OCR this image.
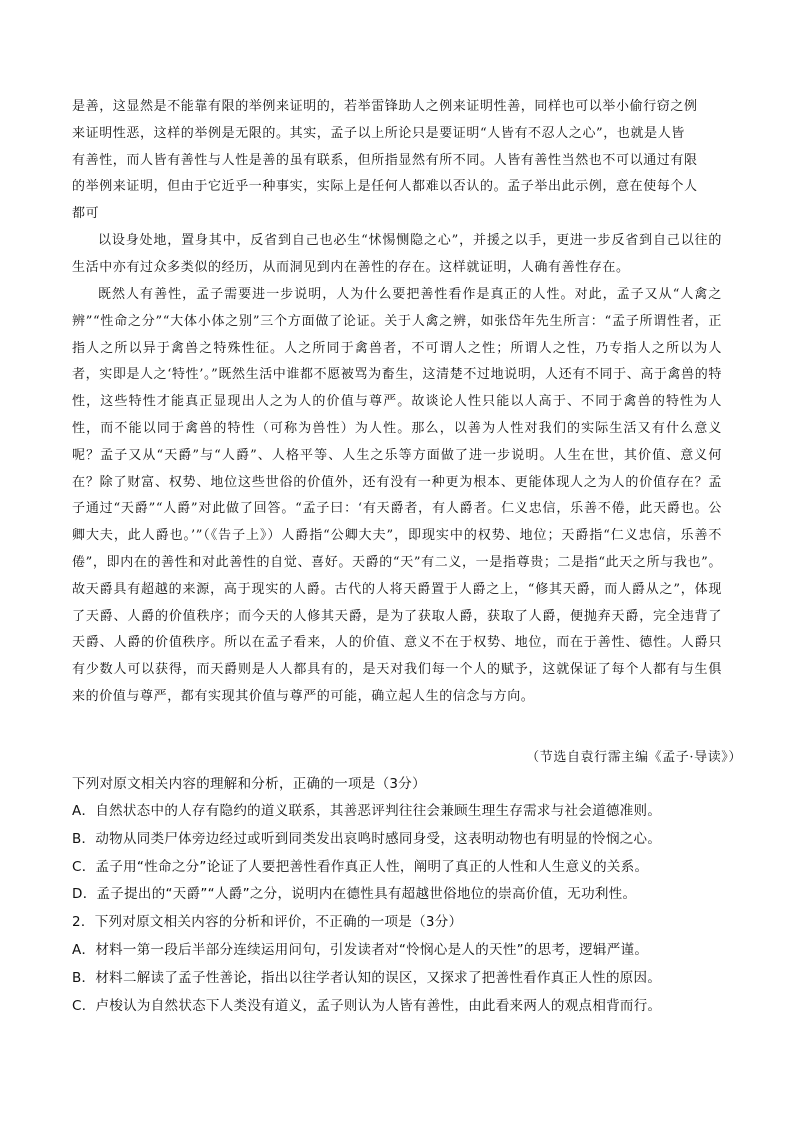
是善，这显然是不能靠有限的举例来证明的，若举雷锋助人之例来证明性善，同样也可以举小偷行窃之例
来证明性恶，这样的举例是无限的。其实，孟子以上所论只是要证明“人皆有不忍人之心”，也就是人皆
有善性，而人皆有善性与人性是善的虽有联系，但所指显然有所不同。人皆有善性当然也不可以通过有限
的举例来证明，但由于它近乎一种事实，实际上是任何人都难以否认的。孟子举出此示例，意在使每个人
都可

以设身处地，置身其中，反省到自己也必生“怵惕恻隐之心”，并援之以手，更进一步反省到自己以往的生活中亦有过众多类似的经历，从而洞见到内在善性的存在。这样就证明，人确有善性存在。

既然人有善性，孟子需要进一步说明，人为什么要把善性看作是真正的人性。对此，孟子又从“人禽之辨”“性命之分”“大体小体之别”三个方面做了论证。关于人禽之辨，如张岱年先生所言：“孟子所谓性者，正指人之所以异于禽兽之特殊性征。人之所同于禽兽者，不可谓人之性；所谓人之性，乃专指人之所以为人者，实即是人之‘特性’。”既然生活中谁都不愿被骂为畜生，这清楚不过地说明，人还有不同于、高于禽兽的特性，这些特性才能真正显现出人之为人的价值与尊严。故谈论人性只能以人高于、不同于禽兽的特性为人性，而不能以同于禽兽的特性（可称为兽性）为人性。那么，以善为人性对我们的实际生活又有什么意义呢？孟子又从“天爵”与“人爵”、人格平等、人生之乐等方面做了进一步说明。人生在世，其价值、意义何在？除了财富、权势、地位这些世俗的价值外，还有没有一种更为根本、更能体现人之为人的价值存在？孟子通过“天爵”“人爵”对此做了回答。“孟子曰：‘有天爵者，有人爵者。仁义忠信，乐善不倦，此天爵也。公卿大夫，此人爵也。’”（《告子上》）人爵指“公卿大夫”，即现实中的权势、地位；天爵指“仁义忠信，乐善不倦”，即内在的善性和对此善性的自觉、喜好。天爵的“天”有二义，一是指尊贵；二是指“此天之所与我也”。故天爵具有超越的来源，高于现实的人爵。古代的人将天爵置于人爵之上，“修其天爵，而人爵从之”，体现了天爵、人爵的价值秩序；而今天的人修其天爵，是为了获取人爵，获取了人爵，便抛弃天爵，完全违背了天爵、人爵的价值秩序。所以在孟子看来，人的价值、意义不在于权势、地位，而在于善性、德性。人爵只有少数人可以获得，而天爵则是人人都具有的，是天对我们每一个人的赋予，这就保证了每个人都有与生俱来的价值与尊严，都有实现其价值与尊严的可能，确立起人生的信念与方向。

（节选自袁行霈主编《孟子·导读》）

下列对原文相关内容的理解和分析，正确的一项是（3分）

A．自然状态中的人存有隐约的道义联系，其善恶评判往往会兼顾生理生存需求与社会道德准则。

B．动物从同类尸体旁边经过或听到同类发出哀鸣时感同身受，这表明动物也有明显的怜悯之心。

C．孟子用“性命之分”论证了人要把善性看作真正人性，阐明了真正的人性和人生意义的关系。

D．孟子提出的“天爵”“人爵”之分，说明内在德性具有超越世俗地位的崇高价值，无功利性。

2．下列对原文相关内容的分析和评价，不正确的一项是（3分）

A．材料一第一段后半部分连续运用问句，引发读者对“怜悯心是人的天性”的思考，逻辑严谨。

B．材料二解读了孟子性善论，指出以往学者认知的误区，又探求了把善性看作真正人性的原因。

C．卢梭认为自然状态下人类没有道义，孟子则认为人皆有善性，由此看来两人的观点相背而行。
